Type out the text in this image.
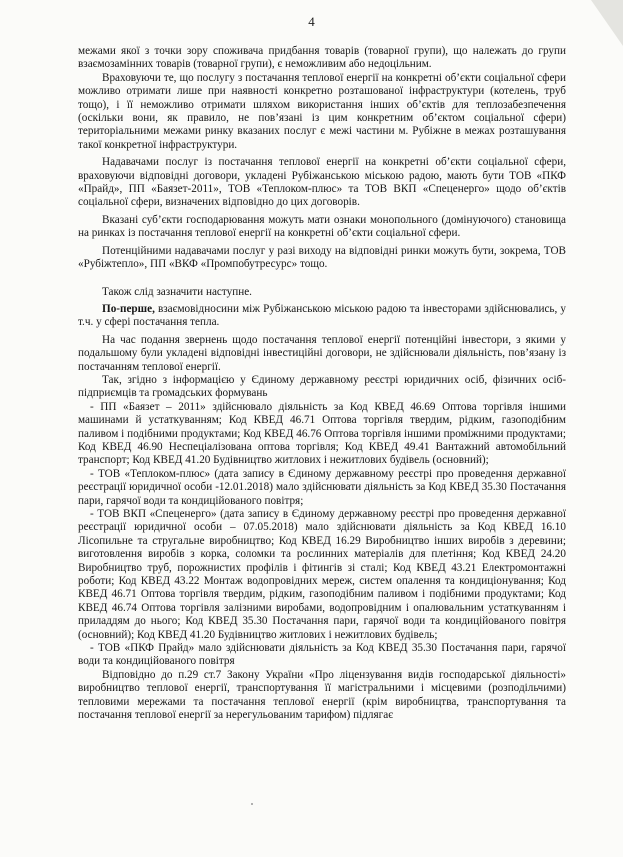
4

межами якої з точки зору споживача придбання товарів (товарної групи), що належать до групи взаємозамінних товарів (товарної групи), є неможливим або недоцільним.

Враховуючи те, що послугу з постачання теплової енергії на конкретні об’єкти соціальної сфери можливо отримати лише при наявності конкретно розташованої інфраструктури (котелень, труб тощо), і її неможливо отримати шляхом використання інших об’єктів для теплозабезпечення (оскільки вони, як правило, не пов’язані із цим конкретним об’єктом соціальної сфери) територіальними межами ринку вказаних послуг є межі частини м. Рубіжне в межах розташування такої конкретної інфраструктури.

Надавачами послуг із постачання теплової енергії на конкретні об’єкти соціальної сфери, враховуючи відповідні договори, укладені Рубіжанською міською радою, мають бути ТОВ «ПКФ «Прайд», ПП «Баязет-2011», ТОВ «Теплоком-плюс» та ТОВ ВКП «Спеценерго» щодо об’єктів соціальної сфери, визначених відповідно до цих договорів.

Вказані суб’єкти господарювання можуть мати ознаки монопольного (домінуючого) становища на ринках із постачання теплової енергії на конкретні об’єкти соціальної сфери.

Потенційними надавачами послуг у разі виходу на відповідні ринки можуть бути, зокрема, ТОВ «Рубіжтепло», ПП «ВКФ «Промпобутресурс» тощо.

Також слід зазначити наступне.

По-перше, взаємовідносини між Рубіжанською міською радою та інвесторами здійснювались, у т.ч. у сфері постачання тепла.

На час подання звернень щодо постачання теплової енергії потенційні інвестори, з якими у подальшому були укладені відповідні інвестиційні договори, не здійснювали діяльність, пов’язану із постачанням теплової енергії.

Так, згідно з інформацією у Єдиному державному реєстрі юридичних осіб, фізичних осіб-підприємців та громадських формувань

- ПП «Баязет – 2011» здійснювало діяльність за Код КВЕД 46.69 Оптова торгівля іншими машинами й устаткуванням; Код КВЕД 46.71 Оптова торгівля твердим, рідким, газоподібним паливом і подібними продуктами; Код КВЕД 46.76 Оптова торгівля іншими проміжними продуктами; Код КВЕД 46.90 Неспеціалізована оптова торгівля; Код КВЕД 49.41 Вантажний автомобільний транспорт; Код КВЕД 41.20 Будівництво житлових і нежитлових будівель (основний);

- ТОВ «Теплоком-плюс» (дата запису в Єдиному державному реєстрі про проведення державної реєстрації юридичної особи -12.01.2018) мало здійснювати діяльність за Код КВЕД 35.30 Постачання пари, гарячої води та кондиційованого повітря;

- ТОВ ВКП «Спеценерго» (дата запису в Єдиному державному реєстрі про проведення державної реєстрації юридичної особи – 07.05.2018) мало здійснювати діяльність за Код КВЕД 16.10 Лісопильне та стругальне виробництво; Код КВЕД 16.29 Виробництво інших виробів з деревини; виготовлення виробів з корка, соломки та рослинних матеріалів для плетіння; Код КВЕД 24.20 Виробництво труб, порожнистих профілів і фітингів зі сталі; Код КВЕД 43.21 Електромонтажні роботи; Код КВЕД 43.22 Монтаж водопровідних мереж, систем опалення та кондиціонування; Код КВЕД 46.71 Оптова торгівля твердим, рідким, газоподібним паливом і подібними продуктами; Код КВЕД 46.74 Оптова торгівля залізними виробами, водопровідним і опалювальним устаткуванням і приладдям до нього; Код КВЕД 35.30 Постачання пари, гарячої води та кондиційованого повітря (основний); Код КВЕД 41.20 Будівництво житлових і нежитлових будівель;

- ТОВ «ПКФ Прайд» мало здійснювати діяльність за Код КВЕД 35.30 Постачання пари, гарячої води та кондиційованого повітря

Відповідно до п.29 ст.7 Закону України «Про ліцензування видів господарської діяльності» виробництво теплової енергії, транспортування її магістральними і місцевими (розподільчими) тепловими мережами та постачання теплової енергії (крім виробництва, транспортування та постачання теплової енергії за нерегульованим тарифом) підлягає
